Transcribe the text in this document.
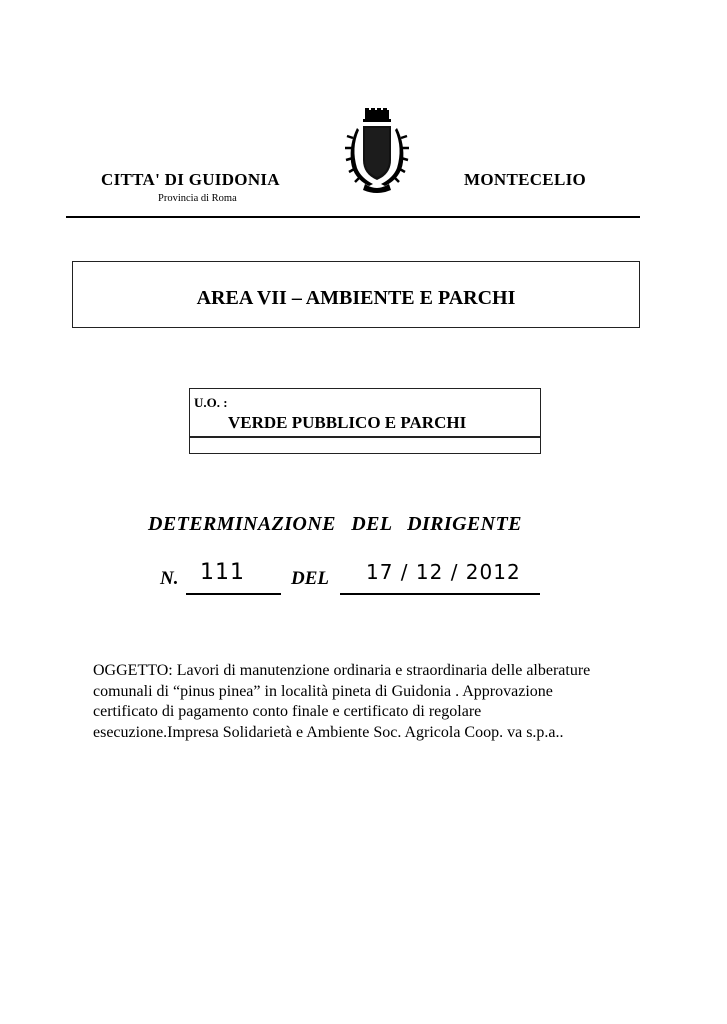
CITTA' DI GUIDONIA
Provincia di Roma
MONTECELIO
AREA VII – AMBIENTE E PARCHI
U.O. :
VERDE PUBBLICO E PARCHI
DETERMINAZIONE DEL DIRIGENTE
N. 111 DEL 17 / 12 / 2012

OGGETTO: Lavori di manutenzione ordinaria e straordinaria delle alberature

comunali di “pinus pinea” in località pineta di Guidonia . Approvazione

certificato di pagamento conto finale e certificato di regolare

esecuzione.Impresa Solidarietà e Ambiente Soc. Agricola Coop. va s.p.a..
